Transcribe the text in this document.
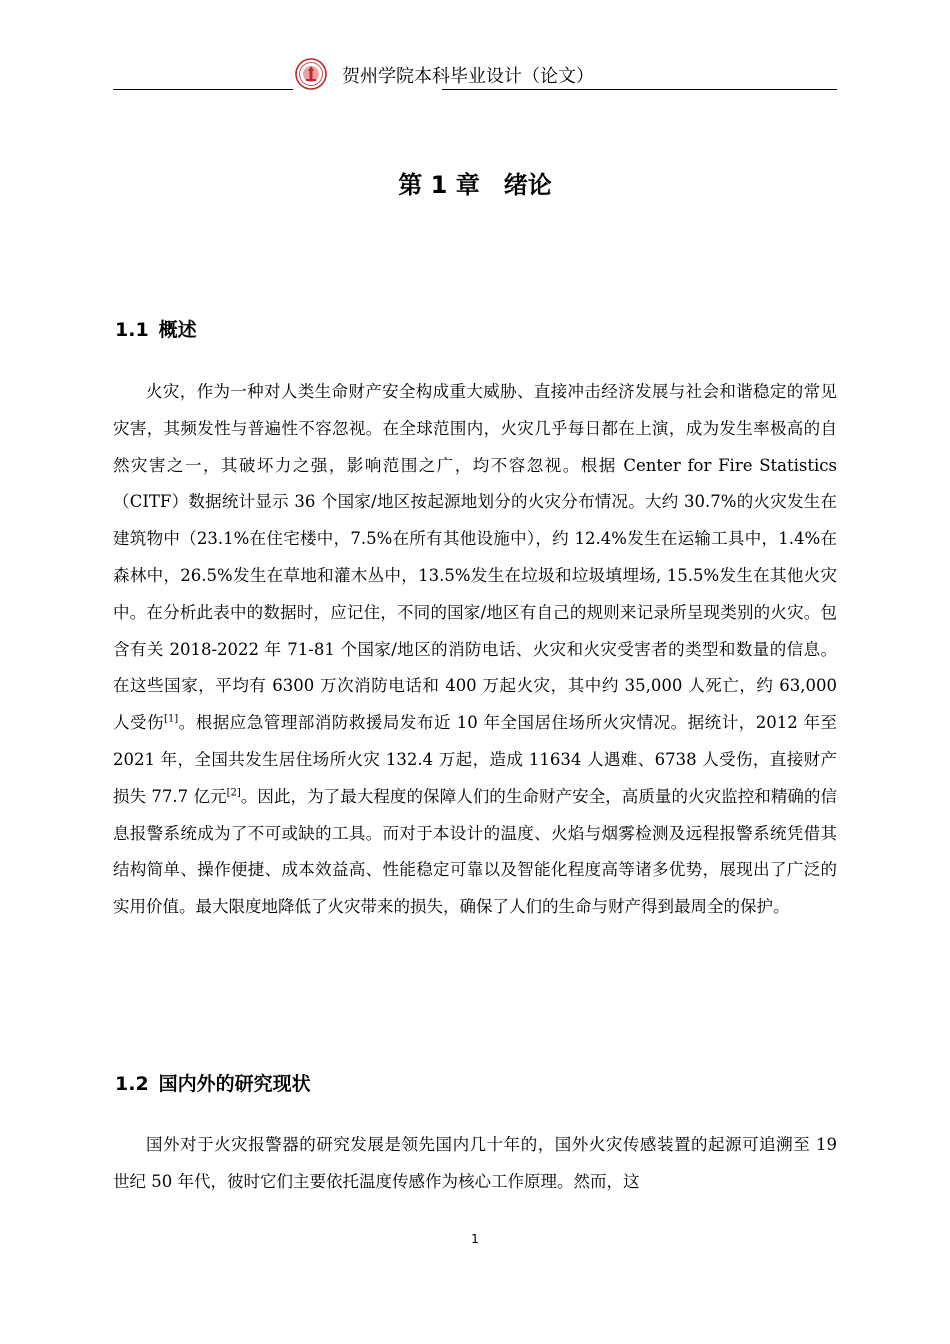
贺州学院本科毕业设计（论文）
第 1 章　绪论
1.1 概述

火灾，作为一种对人类生命财产安全构成重大威胁、直接冲击经济发展与社会和谐稳定的常见灾害，其频发性与普遍性不容忽视。在全球范围内，火灾几乎每日都在上演，成为发生率极高的自然灾害之一，其破坏力之强，影响范围之广，均不容忽视。根据 Center for Fire Statistics（CITF）数据统计显示 36 个国家/地区按起源地划分的火灾分布情况。大约 30.7%的火灾发生在建筑物中（23.1%在住宅楼中，7.5%在所有其他设施中），约 12.4%发生在运输工具中，1.4%在森林中，26.5%发生在草地和灌木丛中，13.5%发生在垃圾和垃圾填埋场, 15.5%发生在其他火灾中。在分析此表中的数据时，应记住，不同的国家/地区有自己的规则来记录所呈现类别的火灾。包含有关 2018-2022 年 71-81 个国家/地区的消防电话、火灾和火灾受害者的类型和数量的信息。在这些国家，平均有 6300 万次消防电话和 400 万起火灾，其中约 35,000 人死亡，约 63,000 人受伤[1]。根据应急管理部消防救援局发布近 10 年全国居住场所火灾情况。据统计，2012 年至 2021 年，全国共发生居住场所火灾 132.4 万起，造成 11634 人遇难、6738 人受伤，直接财产损失 77.7 亿元[2]。因此，为了最大程度的保障人们的生命财产安全，高质量的火灾监控和精确的信息报警系统成为了不可或缺的工具。而对于本设计的温度、火焰与烟雾检测及远程报警系统凭借其结构简单、操作便捷、成本效益高、性能稳定可靠以及智能化程度高等诸多优势，展现出了广泛的实用价值。最大限度地降低了火灾带来的损失，确保了人们的生命与财产得到最周全的保护。

1.2 国内外的研究现状

国外对于火灾报警器的研究发展是领先国内几十年的，国外火灾传感装置的起源可追溯至 19 世纪 50 年代，彼时它们主要依托温度传感作为核心工作原理。然而，这

1
